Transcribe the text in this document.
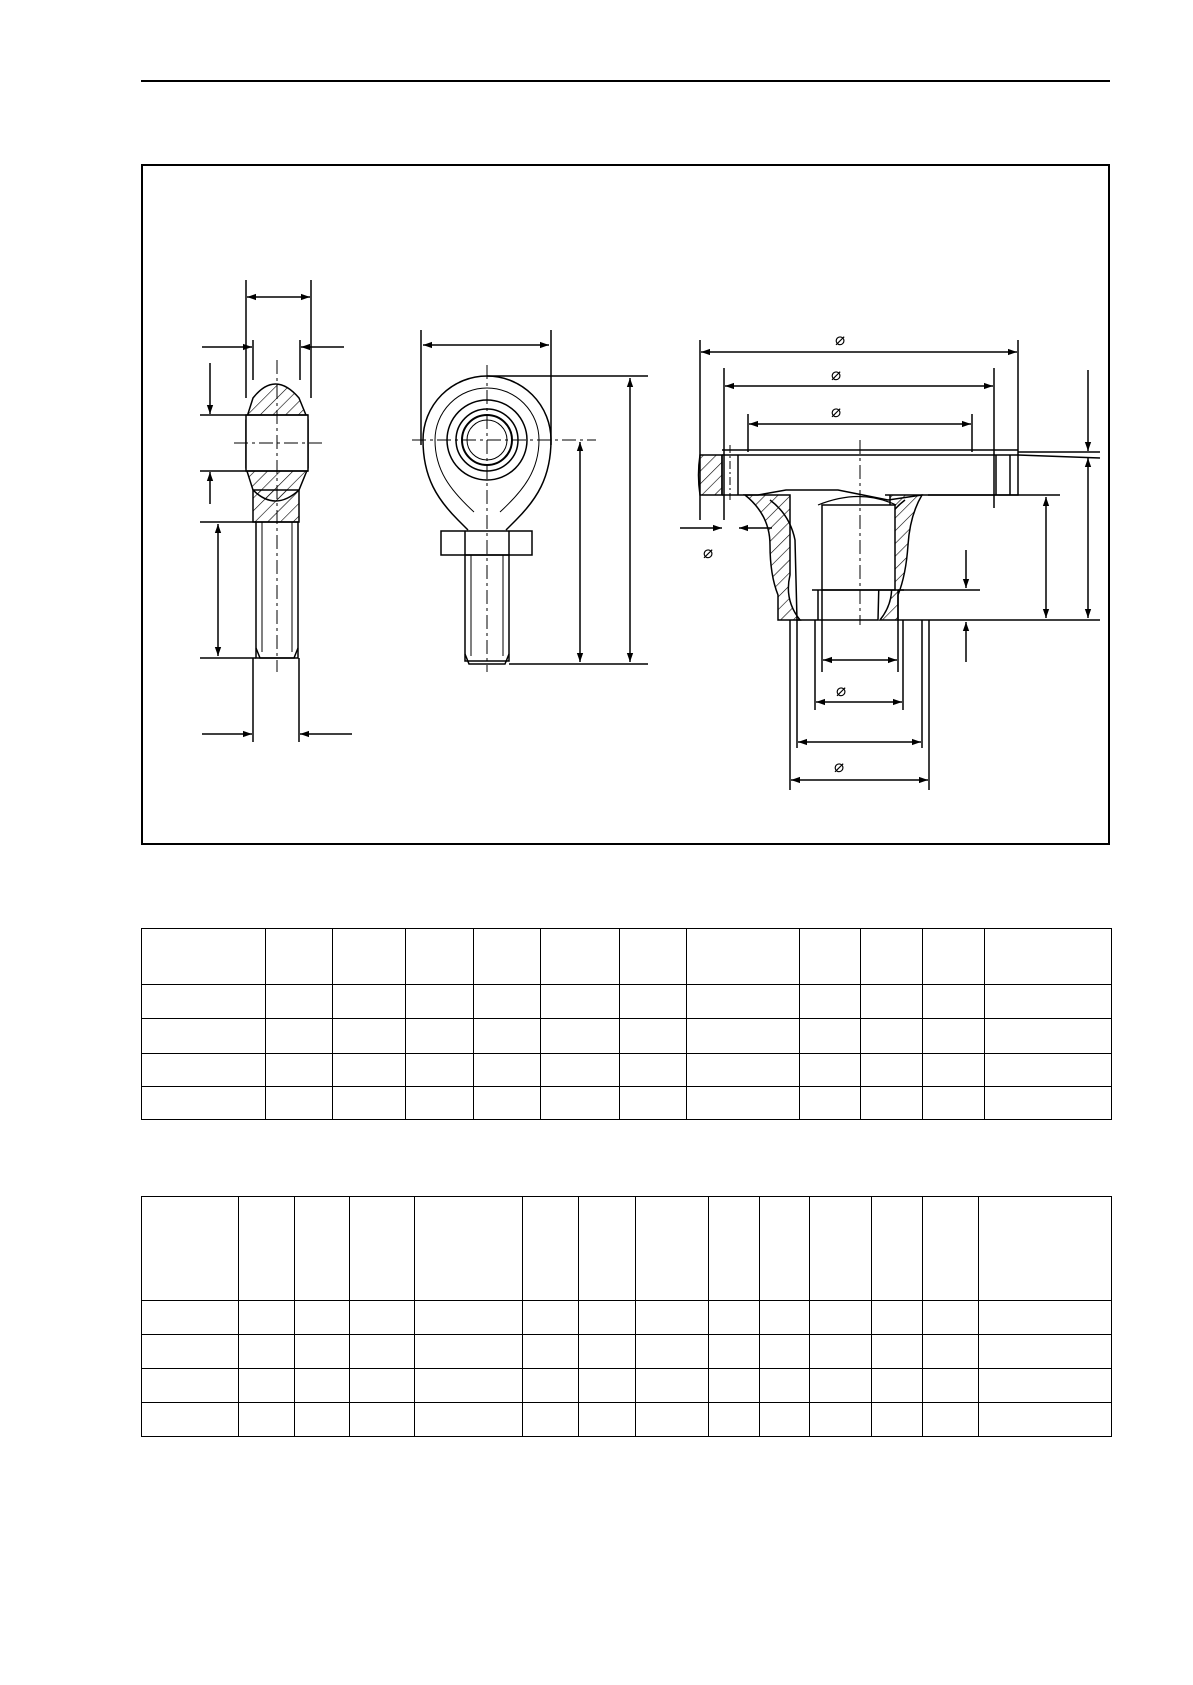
⌀
⌀
⌀
⌀
⌀
⌀
